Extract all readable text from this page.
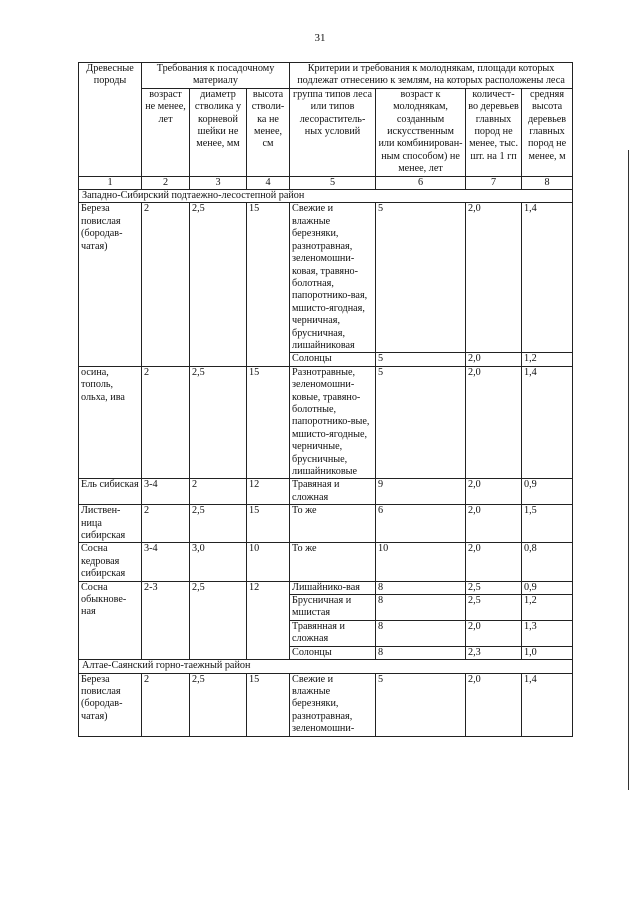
31
Древесные породы	Требования к посадочному материалу			Критерии и требования к молоднякам, площади которых подлежат отнесению к землям, на которых расположены леса			
	возраст не менее, лет	диаметр стволика у корневой шейки не менее, мм	высота стволи-ка не менее, см	группа типов леса или типов лесораститель-ных условий	возраст к молоднякам, созданным искусственным или комбинирован-ным способом) не менее, лет	количест-во деревьев главных пород не менее, тыс. шт. на 1 гп	средняя высота деревьев главных пород не менее, м
1	2	3	4	5	6	7	8
Западно-Сибирский подтаежно-лесостепной район							
Береза повислая (бородав-чатая)	2	2,5	15	Свежие и влажные березняки, разнотравная, зеленомошни-ковая, травяно-болотная, папоротнико-вая, мшисто-ягодная, черничная, брусничная, лишайниковая	5	2,0	1,4
				Солонцы	5	2,0	1,2
осина, тополь, ольха, ива	2	2,5	15	Разнотравные, зеленомошни-ковые, травяно-болотные, папоротнико-вые, мшисто-ягодные, черничные, брусничные, лишайниковые	5	2,0	1,4
Ель сибиская	3-4	2	12	Травяная и сложная	9	2,0	0,9
Листвен-ница сибирская	2	2,5	15	То же	6	2,0	1,5
Сосна кедровая сибирская	3-4	3,0	10	То же	10	2,0	0,8
Сосна обыкнове-ная	2-3	2,5	12	Лишайнико-вая	8	2,5	0,9
				Брусничная и мшистая	8	2,5	1,2
				Травянная и сложная	8	2,0	1,3
				Солонцы	8	2,3	1,0
Алтае-Саянский горно-таежный район							
Береза повислая (бородав-чатая)	2	2,5	15	Свежие и влажные березняки, разнотравная, зеленомошни-	5	2,0	1,4
